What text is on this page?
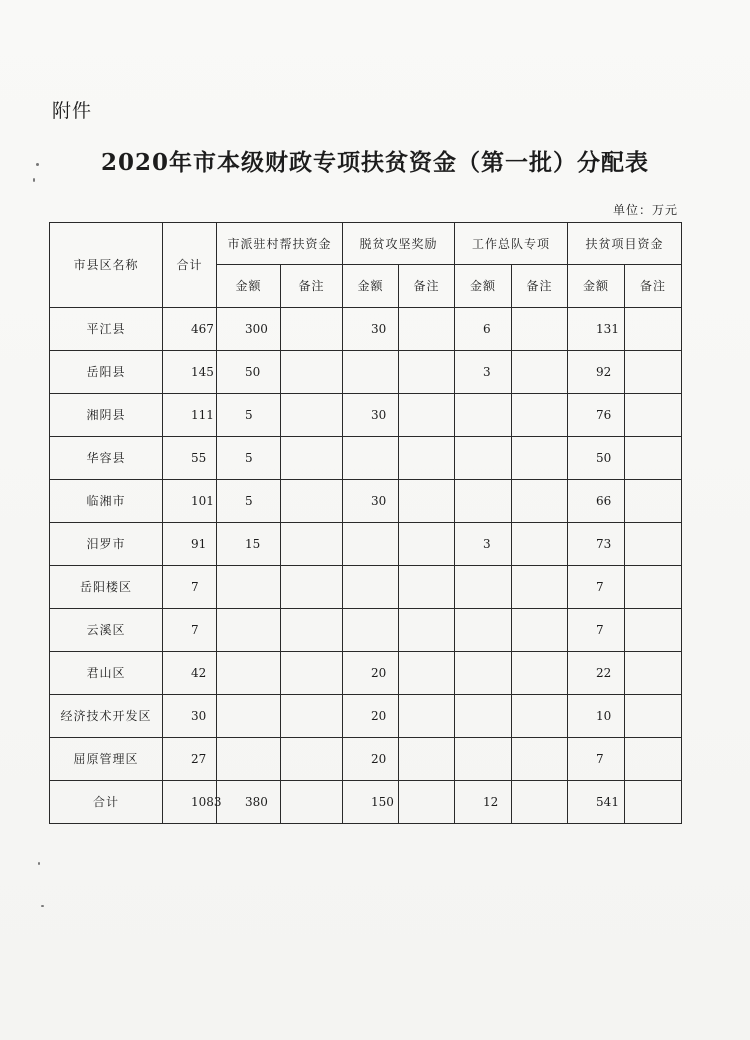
附件
2020年市本级财政专项扶贫资金（第一批）分配表
单位：万元
市县区名称	合计	市派驻村帮扶资金		脱贫攻坚奖励		工作总队专项		扶贫项目资金	
		金额	备注	金额	备注	金额	备注	金额	备注
平江县	467	300		30		6		131	
岳阳县	145	50				3		92	
湘阴县	111	5		30				76	
华容县	55	5						50	
临湘市	101	5		30				66	
汨罗市	91	15				3		73	
岳阳楼区	7							7	
云溪区	7							7	
君山区	42			20				22	
经济技术开发区	30			20				10	
屈原管理区	27			20				7	
合计	1083	380		150		12		541	
